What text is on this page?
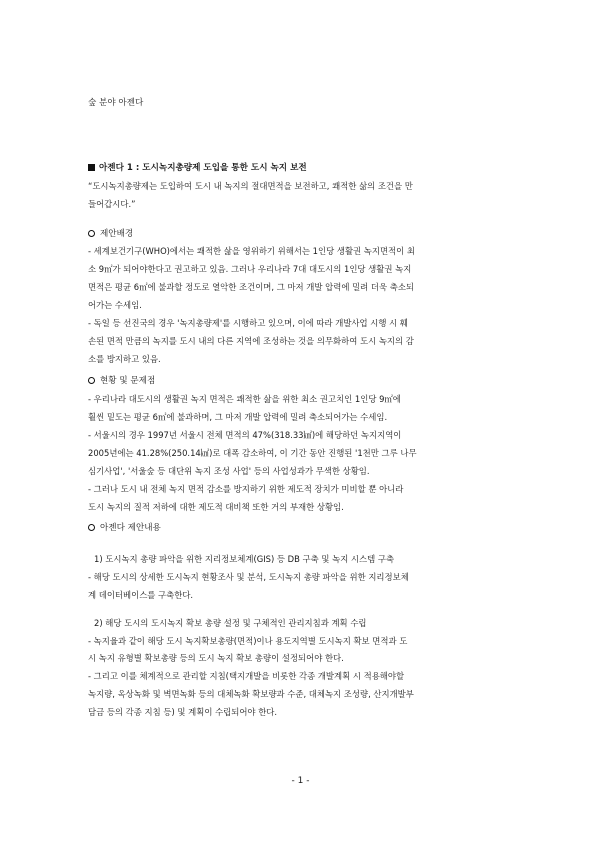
숲 분야 아젠다
아젠다 1 : 도시녹지총량제 도입을 통한 도시 녹지 보전
“도시녹지총량제는 도입하여 도시 내 녹지의 절대면적을 보전하고, 쾌적한 삶의 조건을 만
들어갑시다.”
제안배경
- 세계보건기구(WHO)에서는 쾌적한 삶을 영위하기 위해서는 1인당 생활권 녹지면적이 최
소 9㎡가 되어야한다고 권고하고 있음. 그러나 우리나라 7대 대도시의 1인당 생활권 녹지
면적은 평균 6㎡에 불과할 정도로 열악한 조건이며, 그 마저 개발 압력에 밀려 더욱 축소되
어가는 수세임.
- 독일 등 선진국의 경우 '녹지총량제'를 시행하고 있으며, 이에 따라 개발사업 시행 시 훼
손된 면적 만큼의 녹지를 도시 내의 다른 지역에 조성하는 것을 의무화하여 도시 녹지의 감
소를 방지하고 있음.
현황 및 문제점
- 우리나라 대도시의 생활권 녹지 면적은 쾌적한 삶을 위한 최소 권고치인 1인당 9㎡에
훨씬 밑도는 평균 6㎡에 불과하며, 그 마저 개발 압력에 밀려 축소되어가는 수세임.
- 서울시의 경우 1997년 서울시 전체 면적의 47%(318.33㎢)에 해당하던 녹지지역이
2005년에는 41.28%(250.14㎢)로 대폭 감소하여, 이 기간 동안 진행된 '1천만 그루 나무
심기사업', '서울숲 등 대단위 녹지 조성 사업' 등의 사업성과가 무색한 상황임.
- 그러나 도시 내 전체 녹지 면적 감소를 방지하기 위한 제도적 장치가 미비할 뿐 아니라
도시 녹지의 질적 저하에 대한 제도적 대비책 또한 거의 부재한 상황임.
아젠다 제안내용
1) 도시녹지 총량 파악을 위한 지리정보체계(GIS) 등 DB 구축 및 녹지 시스템 구축
- 해당 도시의 상세한 도시녹지 현황조사 및 분석, 도시녹지 총량 파악을 위한 지리정보체
계 데이터베이스를 구축한다.
2) 해당 도시의 도시녹지 확보 총량 설정 및 구체적인 관리지침과 계획 수립
- 녹지율과 같이 해당 도시 녹지확보총량(면적)이나 용도지역별 도시녹지 확보 면적과 도
시 녹지 유형별 확보총량 등의 도시 녹지 확보 총량이 설정되어야 한다.
- 그리고 이를 체계적으로 관리할 지침(택지개발을 비롯한 각종 개발계획 시 적용해야할
녹지량, 옥상녹화 및 벽면녹화 등의 대체녹화 확보량과 수준, 대체녹지 조성량, 산지개발부
담금 등의 각종 지침 등) 및 계획이 수립되어야 한다.
- 1 -
